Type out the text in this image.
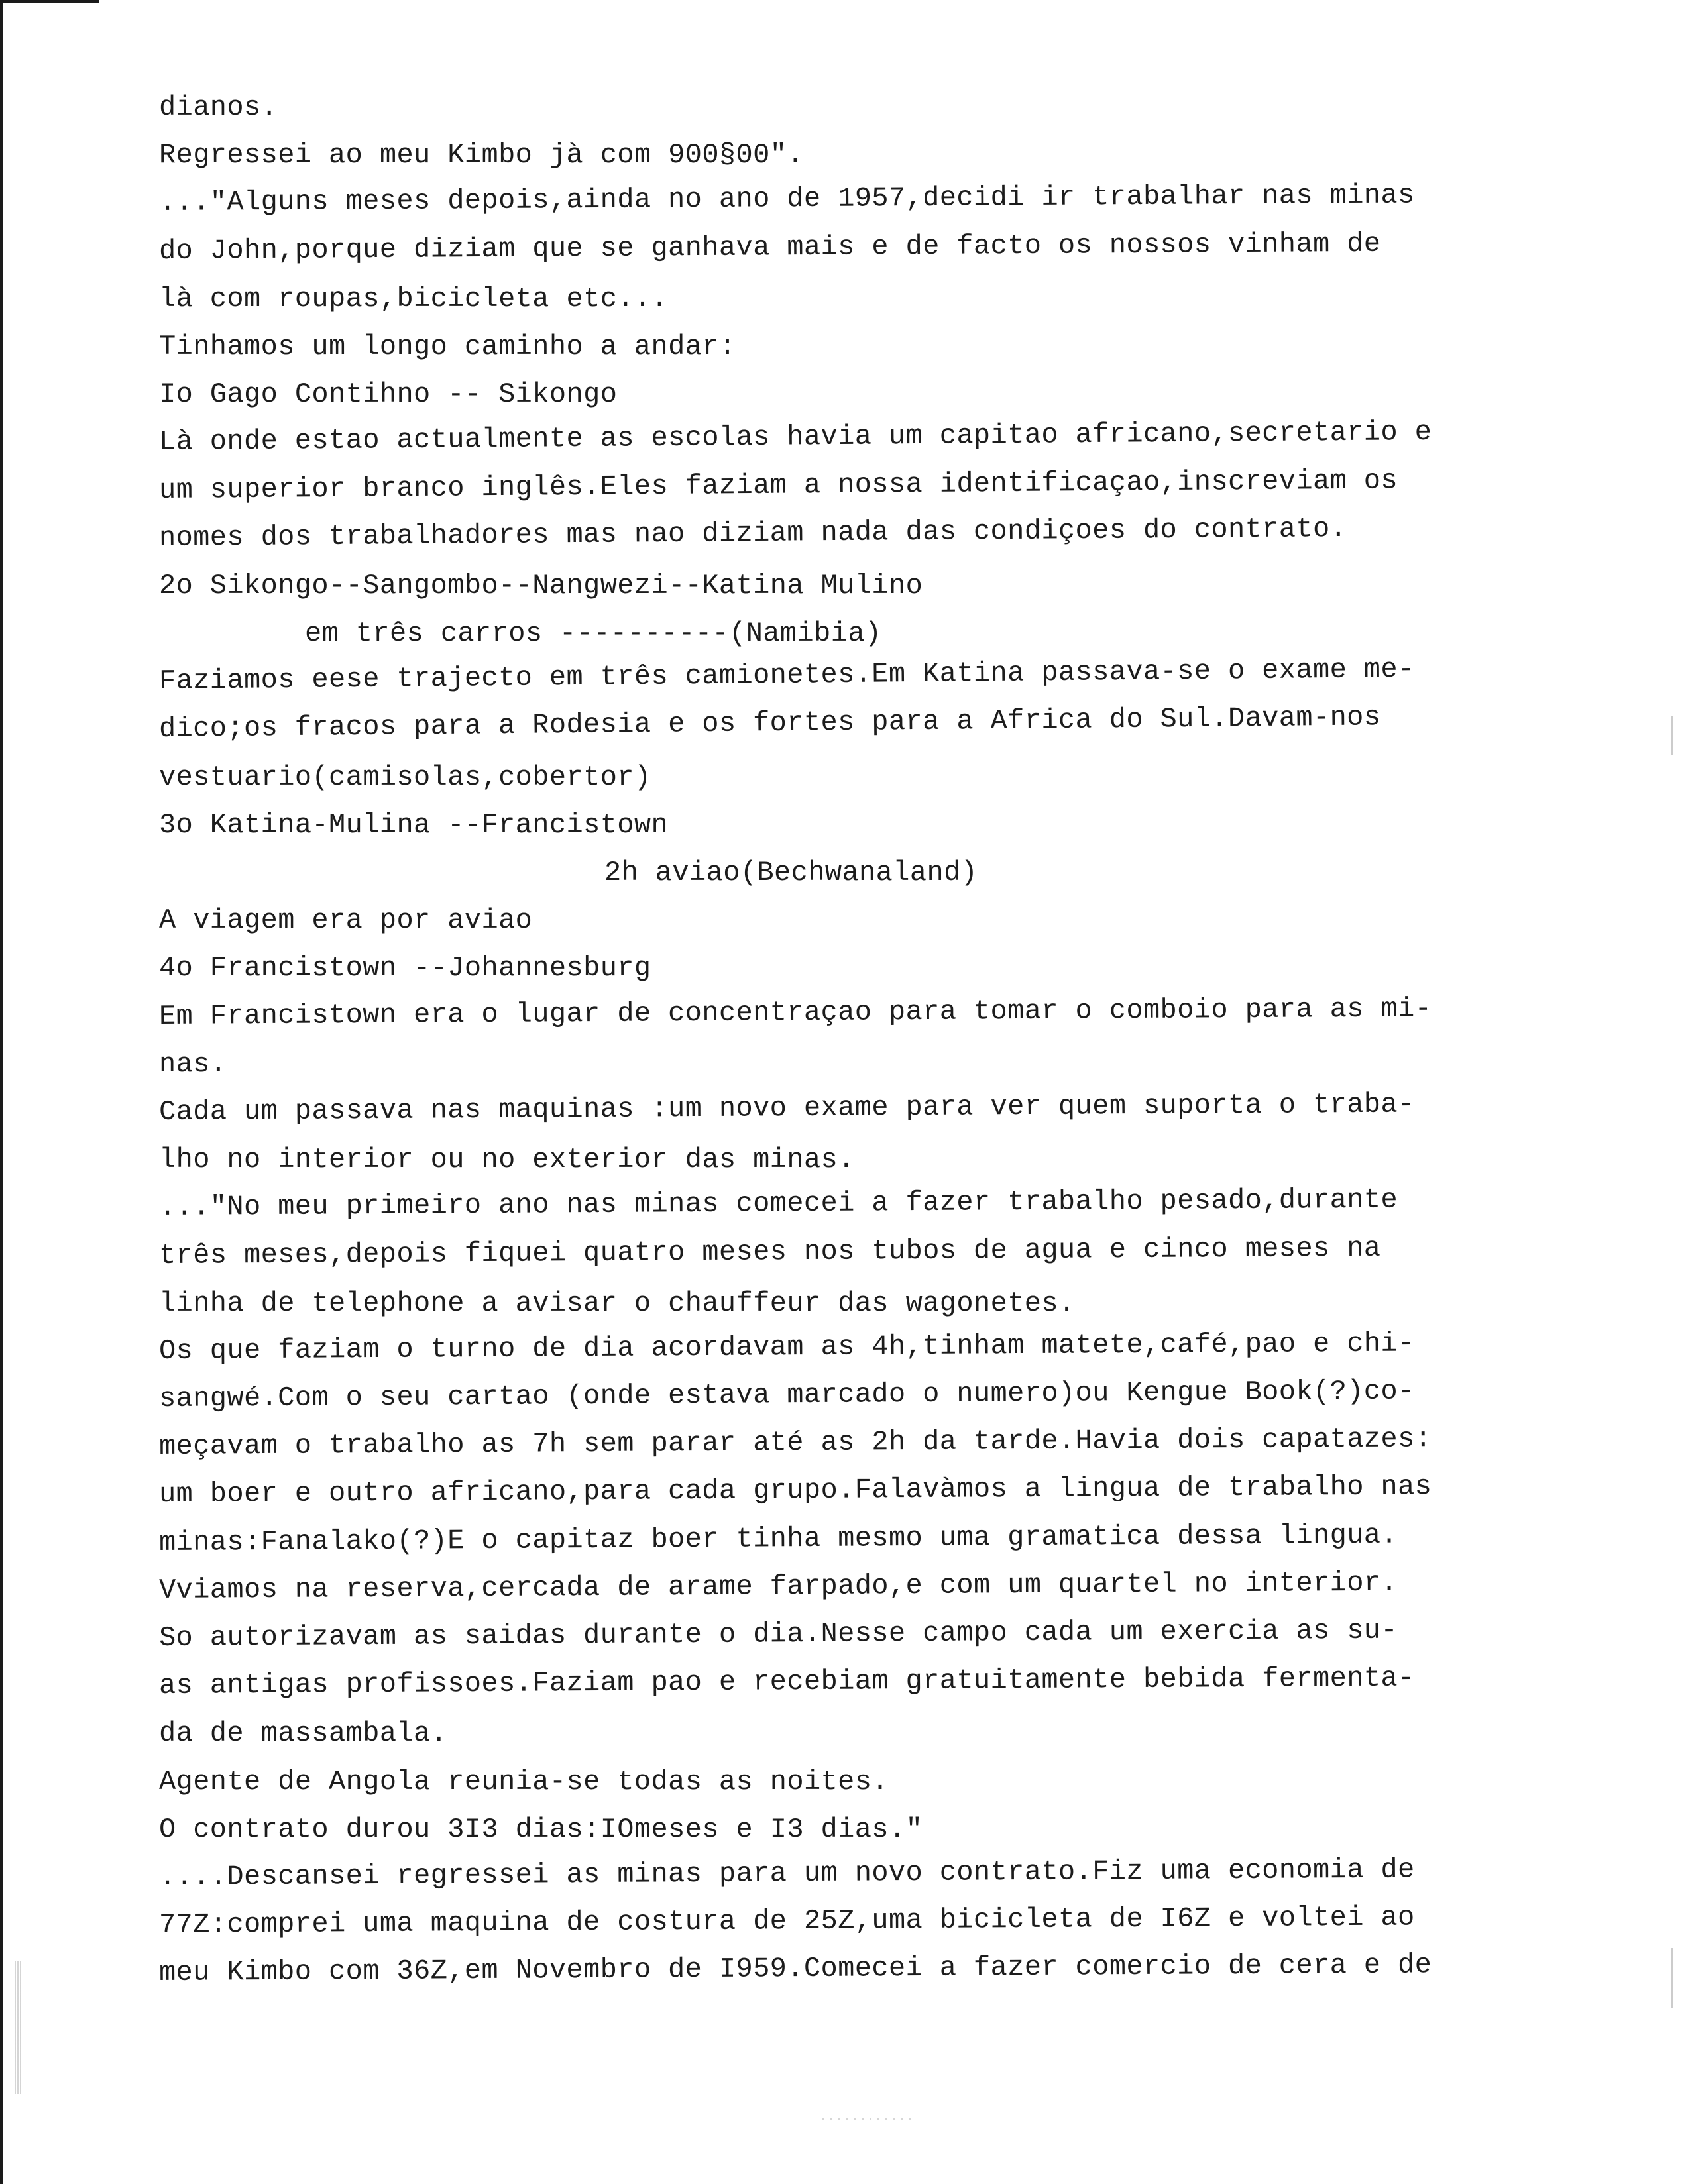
dianos.
Regressei ao meu Kimbo jà com 900§00".
..."Alguns meses depois,ainda no ano de 1957,decidi ir trabalhar nas minas
do John,porque diziam que se ganhava mais e de facto os nossos vinham de
là com roupas,bicicleta etc...
Tinhamos um longo caminho a andar:
Io Gago Contihno -- Sikongo
Là onde estao actualmente as escolas havia um capitao africano,secretario e
um superior branco inglês.Eles faziam a nossa identificaçao,inscreviam os
nomes dos trabalhadores mas nao diziam nada das condiçoes do contrato.
2o Sikongo--Sangombo--Nangwezi--Katina Mulino
em três carros ----------(Namibia)
Faziamos eese trajecto em três camionetes.Em Katina passava-se o exame me-
dico;os fracos para a Rodesia e os fortes para a Africa do Sul.Davam-nos
vestuario(camisolas,cobertor)
3o Katina-Mulina --Francistown
2h aviao(Bechwanaland)
A viagem era por aviao
4o Francistown --Johannesburg
Em Francistown era o lugar de concentraçao para tomar o comboio para as mi-
nas.
Cada um passava nas maquinas :um novo exame para ver quem suporta o traba-
lho no interior ou no exterior das minas.
..."No meu primeiro ano nas minas comecei a fazer trabalho pesado,durante
três meses,depois fiquei quatro meses nos tubos de agua e cinco meses na
linha de telephone a avisar o chauffeur das wagonetes.
Os que faziam o turno de dia acordavam as 4h,tinham matete,café,pao e chi-
sangwé.Com o seu cartao (onde estava marcado o numero)ou Kengue Book(?)co-
meçavam o trabalho as 7h sem parar até as 2h da tarde.Havia dois capatazes:
um boer e outro africano,para cada grupo.Falavàmos a lingua de trabalho nas
minas:Fanalako(?)E o capitaz boer tinha mesmo uma gramatica dessa lingua.
Vviamos na reserva,cercada de arame farpado,e com um quartel no interior.
So autorizavam as saidas durante o dia.Nesse campo cada um exercia as su-
as antigas profissoes.Faziam pao e recebiam gratuitamente bebida fermenta-
da de massambala.
Agente de Angola reunia-se todas as noites.
O contrato durou 3I3 dias:IOmeses e I3 dias."
....Descansei regressei as minas para um novo contrato.Fiz uma economia de
77Z:comprei uma maquina de costura de 25Z,uma bicicleta de I6Z e voltei ao
meu Kimbo com 36Z,em Novembro de I959.Comecei a fazer comercio de cera e de
